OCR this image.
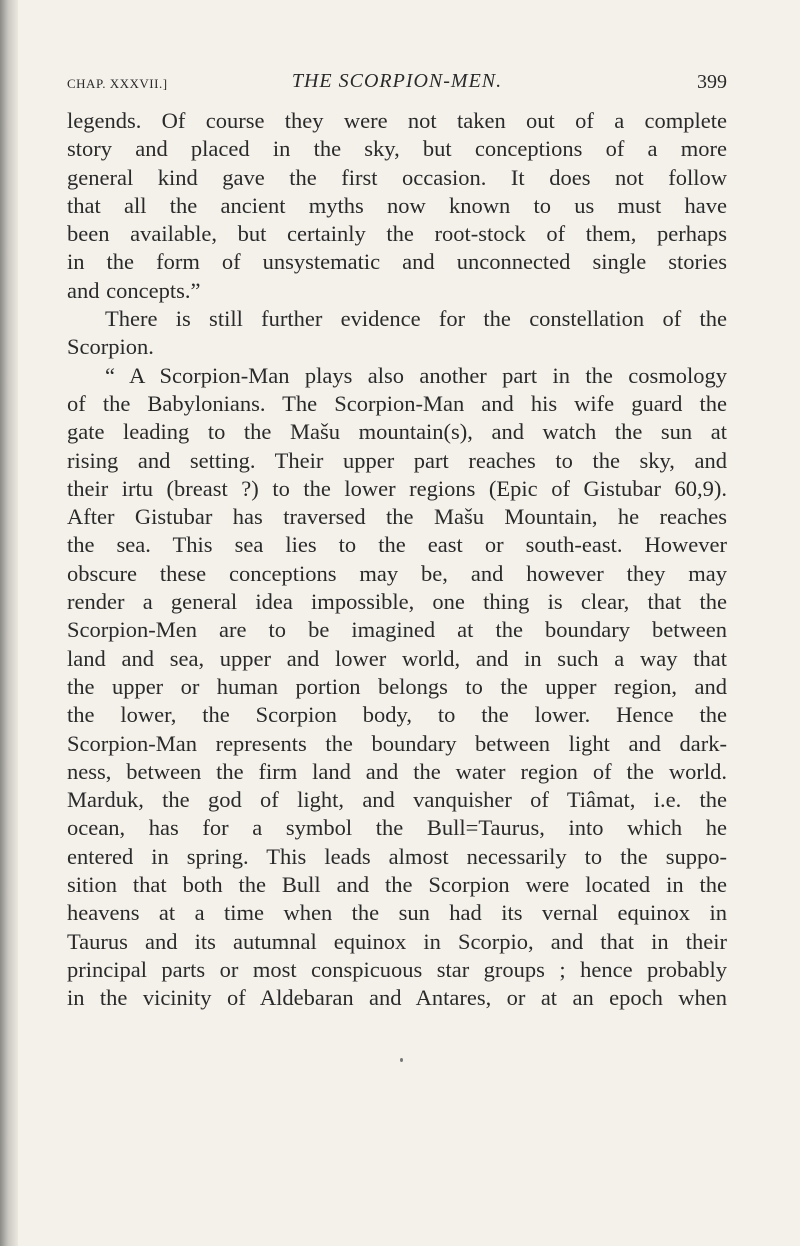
CHAP. XXXVII.]	THE SCORPION-MEN.	399
legends. Of course they were not taken out of a complete
story and placed in the sky, but conceptions of a more
general kind gave the first occasion. It does not follow
that all the ancient myths now known to us must have
been available, but certainly the root-stock of them, perhaps
in the form of unsystematic and unconnected single stories
and concepts.”
There is still further evidence for the constellation of the
Scorpion.
“ A Scorpion-Man plays also another part in the cosmology
of the Babylonians. The Scorpion-Man and his wife guard the
gate leading to the Mašu mountain(s), and watch the sun at
rising and setting. Their upper part reaches to the sky, and
their irtu (breast ?) to the lower regions (Epic of Gistubar 60,9).
After Gistubar has traversed the Mašu Mountain, he reaches
the sea. This sea lies to the east or south-east. However
obscure these conceptions may be, and however they may
render a general idea impossible, one thing is clear, that the
Scorpion-Men are to be imagined at the boundary between
land and sea, upper and lower world, and in such a way that
the upper or human portion belongs to the upper region, and
the lower, the Scorpion body, to the lower. Hence the
Scorpion-Man represents the boundary between light and dark-
ness, between the firm land and the water region of the world.
Marduk, the god of light, and vanquisher of Tiâmat, i.e. the
ocean, has for a symbol the Bull=Taurus, into which he
entered in spring. This leads almost necessarily to the suppo-
sition that both the Bull and the Scorpion were located in the
heavens at a time when the sun had its vernal equinox in
Taurus and its autumnal equinox in Scorpio, and that in their
principal parts or most conspicuous star groups ; hence probably
in the vicinity of Aldebaran and Antares, or at an epoch when
